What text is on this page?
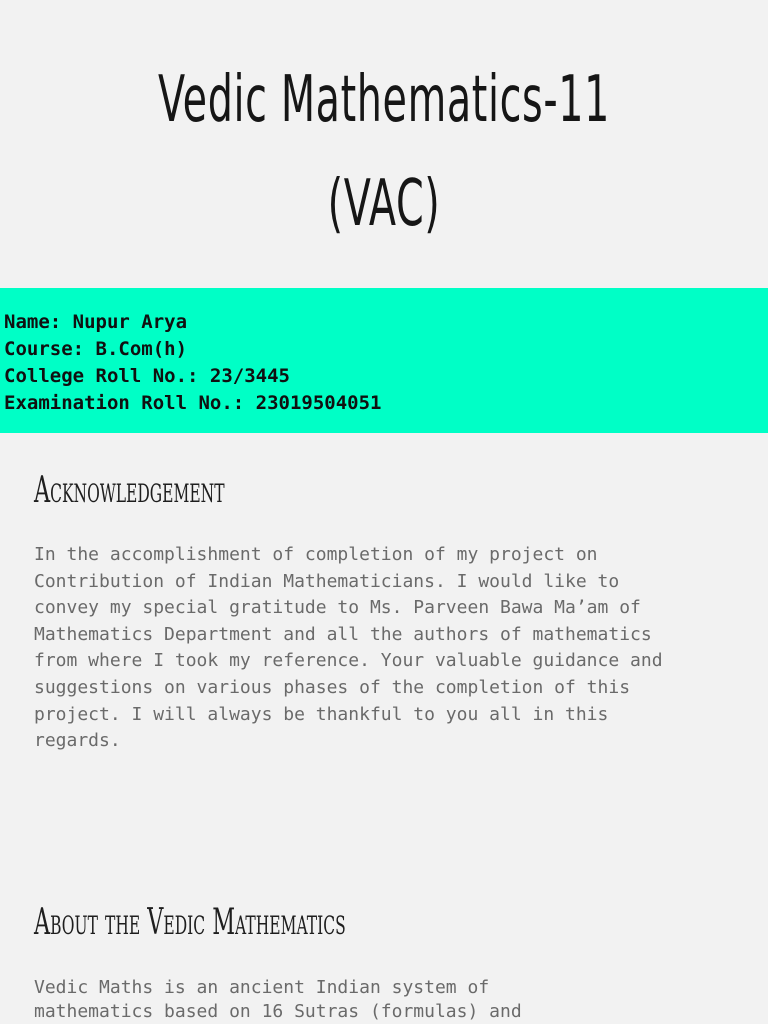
Vedic Mathematics-11
(VAC)
Name: Nupur Arya
Course: B.Com(h)
College Roll No.: 23/3445
Examination Roll No.: 23019504051
Acknowledgement
In the accomplishment of completion of my project on
Contribution of Indian Mathematicians. I would like to
convey my special gratitude to Ms. Parveen Bawa Ma’am of
Mathematics Department and all the authors of mathematics
from where I took my reference. Your valuable guidance and
suggestions on various phases of the completion of this
project. I will always be thankful to you all in this
regards.
About the Vedic Mathematics
Vedic Maths is an ancient Indian system of
mathematics based on 16 Sutras (formulas) and
